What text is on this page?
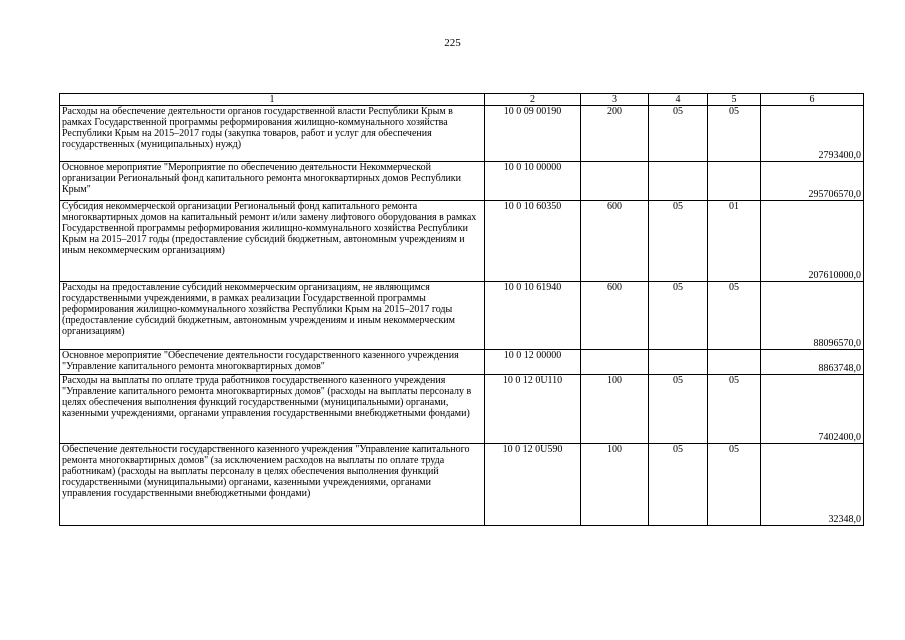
225
1	2	3	4	5	6
Расходы на обеспечение деятельности органов государственной власти Республики Крым в рамках Государственной программы реформирования жилищно-коммунального хозяйства Республики Крым на 2015–2017 годы (закупка товаров, работ и услуг для обеспечения государственных (муниципальных) нужд)	10 0 09 00190	200	05	05	2793400,0
Основное мероприятие "Мероприятие по обеспечению деятельности Некоммерческой организации Региональный фонд капитального ремонта многоквартирных домов Республики Крым"	10 0 10 00000				295706570,0
Субсидия некоммерческой организации Региональный фонд капитального ремонта многоквартирных домов на капитальный ремонт и/или замену лифтового оборудования в рамках Государственной программы реформирования жилищно-коммунального хозяйства Республики Крым на 2015–2017 годы (предоставление субсидий бюджетным, автономным учреждениям и иным некоммерческим организациям)	10 0 10 60350	600	05	01	207610000,0
Расходы на предоставление субсидий некоммерческим организациям, не являющимся государственными учреждениями, в рамках реализации Государственной программы реформирования жилищно-коммунального хозяйства Республики Крым на 2015–2017 годы (предоставление субсидий бюджетным, автономным учреждениям и иным некоммерческим организациям)	10 0 10 61940	600	05	05	88096570,0
Основное мероприятие "Обеспечение деятельности государственного казенного учреждения "Управление капитального ремонта многоквартирных домов"	10 0 12 00000				8863748,0
Расходы на выплаты по оплате труда работников государственного казенного учреждения "Управление капитального ремонта многоквартирных домов" (расходы на выплаты персоналу в целях обеспечения выполнения функций государственными (муниципальными) органами, казенными учреждениями, органами управления государственными внебюджетными фондами)	10 0 12 0U110	100	05	05	7402400,0
Обеспечение деятельности государственного казенного учреждения "Управление капитального ремонта многоквартирных домов" (за исключением расходов на выплаты по оплате труда работникам) (расходы на выплаты персоналу в целях обеспечения выполнения функций государственными (муниципальными) органами, казенными учреждениями, органами управления государственными внебюджетными фондами)	10 0 12 0U590	100	05	05	32348,0
